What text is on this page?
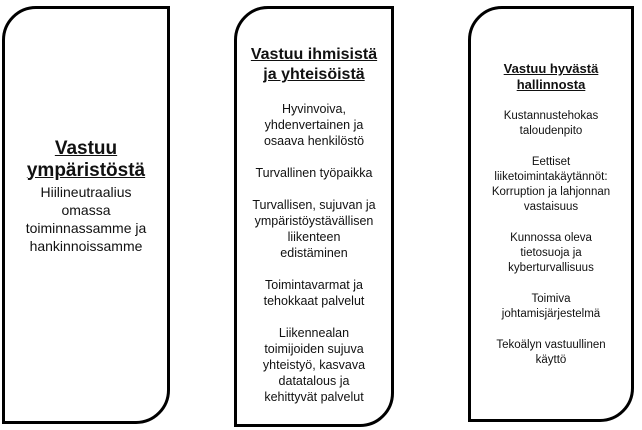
Vastuu
ympäristöstä

Hiilineutraalius
omassa
toiminnassamme ja
hankinnoissamme

Vastuu ihmisistä
ja yhteisöistä

Hyvinvoiva,
yhdenvertainen ja
osaava henkilöstö

Turvallinen työpaikka

Turvallisen, sujuvan ja
ympäristöystävällisen
liikenteen
edistäminen

Toimintavarmat ja
tehokkaat palvelut

Liikennealan
toimijoiden sujuva
yhteistyö, kasvava
datatalous ja
kehittyvät palvelut

Vastuu hyvästä
hallinnosta

Kustannustehokas
taloudenpito

Eettiset
liiketoimintakäytännöt:
Korruption ja lahjonnan
vastaisuus

Kunnossa oleva
tietosuoja ja
kyberturvallisuus

Toimiva
johtamisjärjestelmä

Tekoälyn vastuullinen
käyttö
